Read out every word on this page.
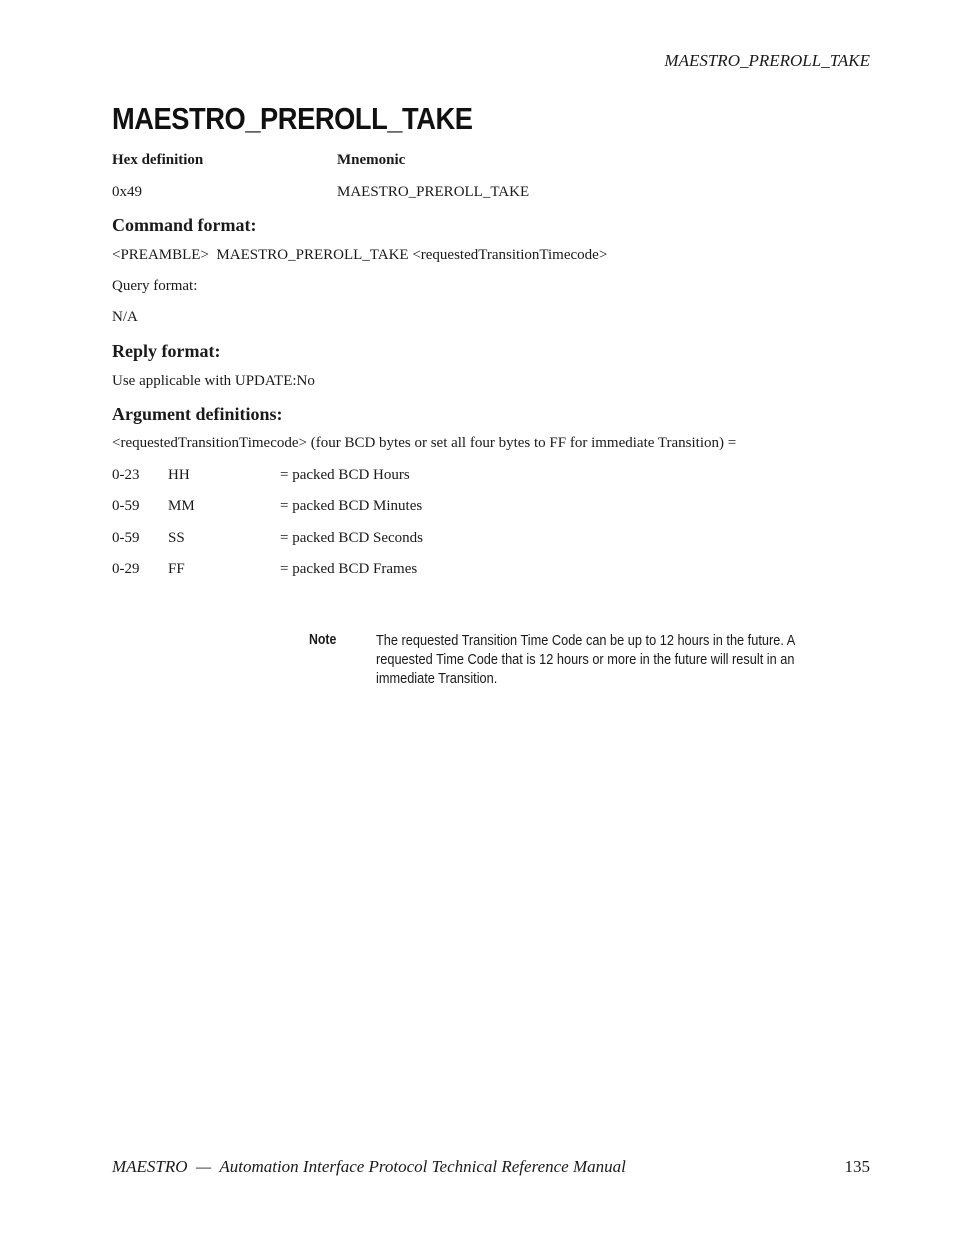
MAESTRO_PREROLL_TAKE
MAESTRO_PREROLL_TAKE
Hex definition	Mnemonic
0x49	MAESTRO_PREROLL_TAKE
Command format:
<PREAMBLE>  MAESTRO_PREROLL_TAKE <requestedTransitionTimecode>
Query format:
N/A
Reply format:
Use applicable with UPDATE:No
Argument definitions:
<requestedTransitionTimecode> (four BCD bytes or set all four bytes to FF for immediate Transition) =
0-23 HH	= packed BCD Hours
0-59 MM	= packed BCD Minutes
0-59 SS	= packed BCD Seconds
0-29 FF	= packed BCD Frames
Note	The requested Transition Time Code can be up to 12 hours in the future. A requested Time Code that is 12 hours or more in the future will result in an immediate Transition.
MAESTRO  —  Automation Interface Protocol Technical Reference Manual	135
